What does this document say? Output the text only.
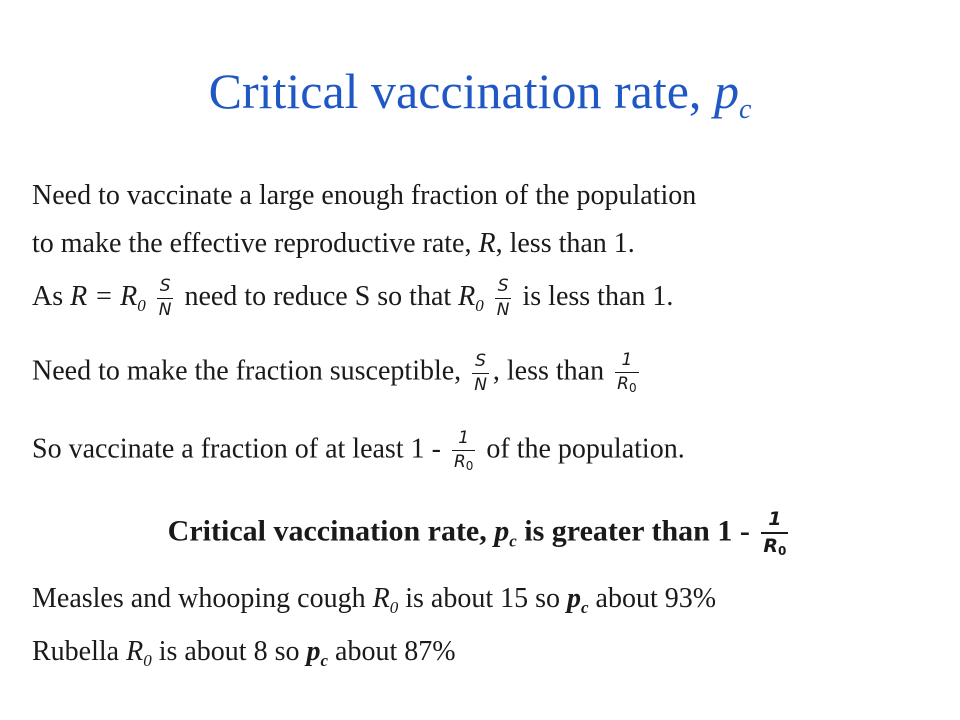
Critical vaccination rate, $p_c$
Need to vaccinate a large enough fraction of the population
to make the effective reproductive rate, R, less than 1.
As $R = R_0 \frac{S}{N}$ need to reduce S so that $R_0 \frac{S}{N}$ is less than 1.
Need to make the fraction susceptible, $\frac{S}{N}$ , less than $\frac{1}{R0}$
So vaccinate a fraction of at least $1 - \frac{1}{R0}$ of the population.
Critical vaccination rate, $p_c$ is greater than $1 - \frac{1}{R0}$
Measles and whooping cough $R_0$ is about 15 so $p_c$ about 93%
Rubella $R_0$ is about 8 so $p_c$ about 87%
